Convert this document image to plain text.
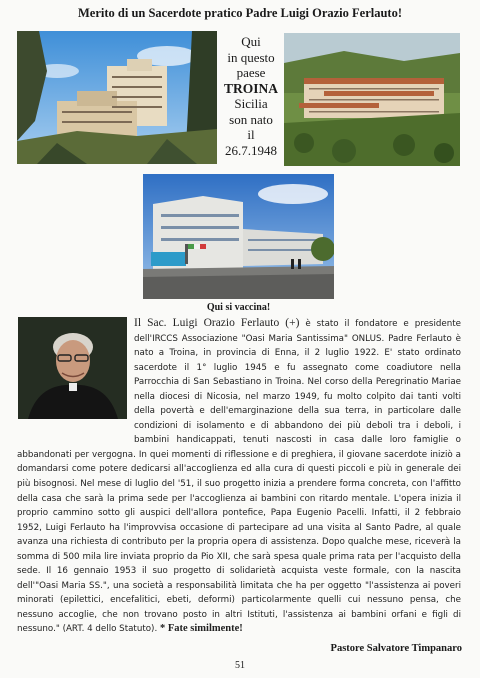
Merito di un Sacerdote pratico Padre Luigi Orazio Ferlauto!
Qui
in questo
paese
TROINA
Sicilia
son nato
il
26.7.1948
Qui si vaccina!
Il Sac. Luigi Orazio Ferlauto (+) è stato il fondatore e presidente dell'IRCCS Associazione "Oasi Maria Santissima" ONLUS. Padre Ferlauto è nato a Troina, in provincia di Enna, il 2 luglio 1922. E' stato ordinato sacerdote il 1° luglio 1945 e fu assegnato come coadiutore nella Parrocchia di San Sebastiano in Troina. Nel corso della Peregrinatio Mariae nella diocesi di Nicosia, nel marzo 1949, fu molto colpito dai tanti volti della povertà e dell'emarginazione della sua terra, in particolare dalle condizioni di isolamento e di abbandono dei più deboli tra i deboli, i bambini handicappati, tenuti nascosti in casa dalle loro famiglie o abbandonati per vergogna. In quei momenti di riflessione e di preghiera, il giovane sacerdote iniziò a domandarsi come potere dedicarsi all'accoglienza ed alla cura di questi piccoli e più in generale dei più bisognosi. Nel mese di luglio del '51, il suo progetto inizia a prendere forma concreta, con l'affitto della casa che sarà la prima sede per l'accoglienza ai bambini con ritardo mentale. L'opera inizia il proprio cammino sotto gli auspici dell'allora pontefice, Papa Eugenio Pacelli. Infatti, il 2 febbraio 1952, Luigi Ferlauto ha l'improvvisa occasione di partecipare ad una visita al Santo Padre, al quale avanza una richiesta di contributo per la propria opera di assistenza. Dopo qualche mese, riceverà la somma di 500 mila lire inviata proprio da Pio XII, che sarà spesa quale prima rata per l'acquisto della sede. Il 16 gennaio 1953 il suo progetto di solidarietà acquista veste formale, con la nascita dell'"Oasi Maria SS.", una società a responsabilità limitata che ha per oggetto "l'assistenza ai poveri minorati (epilettici, encefalitici, ebeti, deformi) particolarmente quelli cui nessuno pensa, che nessuno accoglie, che non trovano posto in altri Istituti, l'assistenza ai bambini orfani e figli di nessuno." (ART. 4 dello Statuto). * Fate similmente!
Pastore Salvatore Timpanaro
51
